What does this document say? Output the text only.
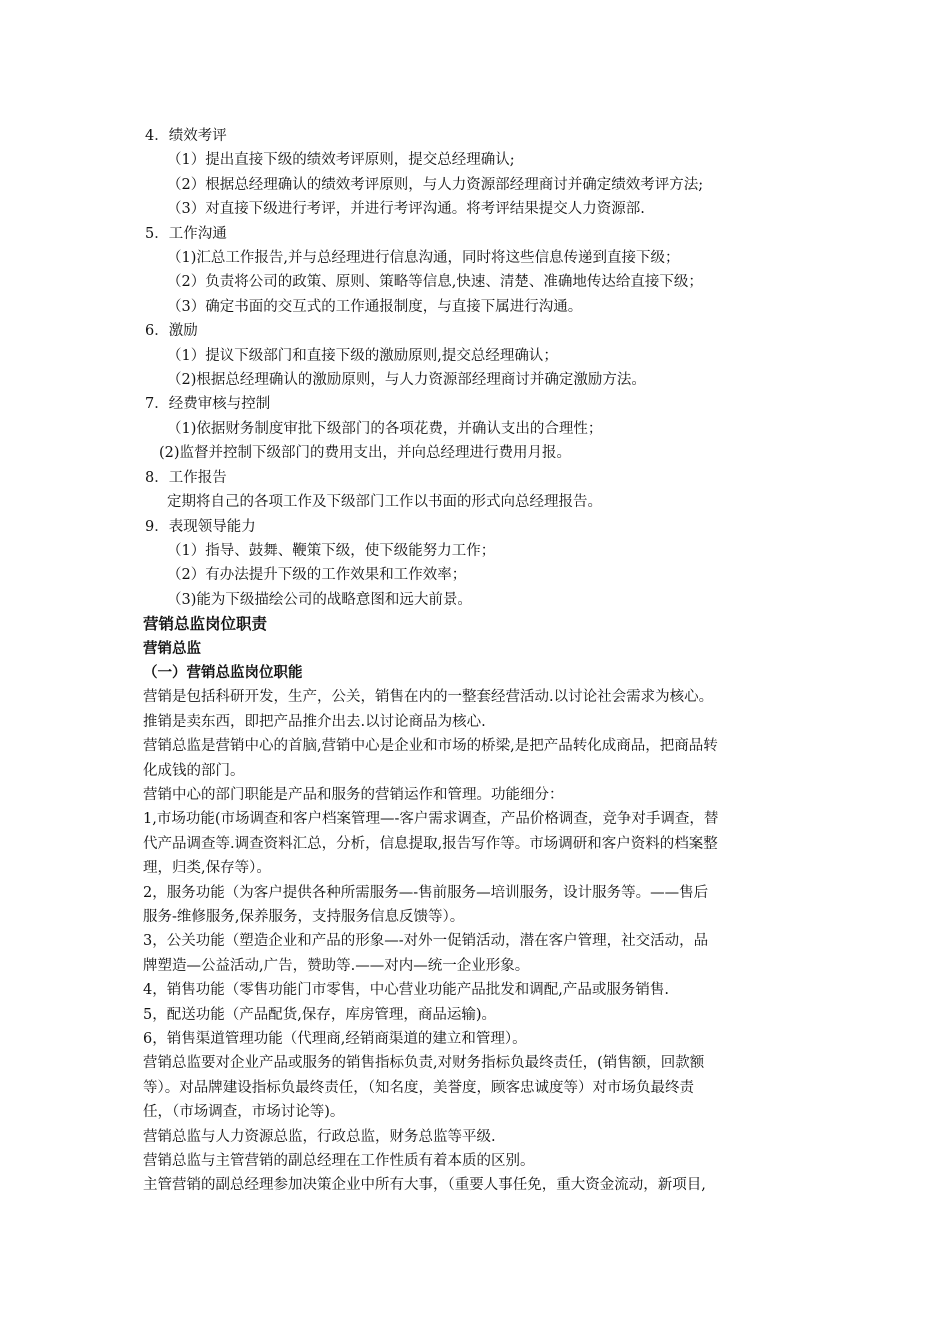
4．绩效考评

（1）提出直接下级的绩效考评原则，提交总经理确认;

（2）根据总经理确认的绩效考评原则，与人力资源部经理商讨并确定绩效考评方法;

（3）对直接下级进行考评，并进行考评沟通。将考评结果提交人力资源部.

5．工作沟通

（1)汇总工作报告,并与总经理进行信息沟通，同时将这些信息传递到直接下级；

（2）负责将公司的政策、原则、策略等信息,快速、清楚、准确地传达给直接下级；

（3）确定书面的交互式的工作通报制度，与直接下属进行沟通。

6．激励

（1）提议下级部门和直接下级的激励原则,提交总经理确认；

（2)根据总经理确认的激励原则，与人力资源部经理商讨并确定激励方法。

7．经费审核与控制

（1)依据财务制度审批下级部门的各项花费，并确认支出的合理性；

(2)监督并控制下级部门的费用支出，并向总经理进行费用月报。

8．工作报告

定期将自己的各项工作及下级部门工作以书面的形式向总经理报告。

9．表现领导能力

（1）指导、鼓舞、鞭策下级，使下级能努力工作；

（2）有办法提升下级的工作效果和工作效率；

（3)能为下级描绘公司的战略意图和远大前景。

营销总监岗位职责

营销总监

（一）营销总监岗位职能

营销是包括科研开发，生产，公关，销售在内的一整套经营活动.以讨论社会需求为核心。

推销是卖东西，即把产品推介出去.以讨论商品为核心.

营销总监是营销中心的首脑,营销中心是企业和市场的桥梁,是把产品转化成商品，把商品转

化成钱的部门。

营销中心的部门职能是产品和服务的营销运作和管理。功能细分：

1,市场功能(市场调查和客户档案管理—-客户需求调查，产品价格调查，竞争对手调查，替

代产品调查等.调查资料汇总，分析，信息提取,报告写作等。市场调研和客户资料的档案整

理，归类,保存等）。

2，服务功能（为客户提供各种所需服务—-售前服务—培训服务，设计服务等。——售后

服务-维修服务,保养服务，支持服务信息反馈等）。

3，公关功能（塑造企业和产品的形象—-对外一促销活动，潜在客户管理，社交活动，品

牌塑造—公益活动,广告，赞助等.——对内—统一企业形象。

4，销售功能（零售功能门市零售，中心营业功能产品批发和调配,产品或服务销售.

5，配送功能（产品配货,保存，库房管理，商品运输)。

6，销售渠道管理功能（代理商,经销商渠道的建立和管理）。

营销总监要对企业产品或服务的销售指标负责,对财务指标负最终责任，(销售额，回款额

等）。对品牌建设指标负最终责任，（知名度，美誉度，顾客忠诚度等）对市场负最终责

任，（市场调查，市场讨论等)。

营销总监与人力资源总监，行政总监，财务总监等平级.

营销总监与主管营销的副总经理在工作性质有着本质的区别。

主管营销的副总经理参加决策企业中所有大事，（重要人事任免，重大资金流动，新项目,
